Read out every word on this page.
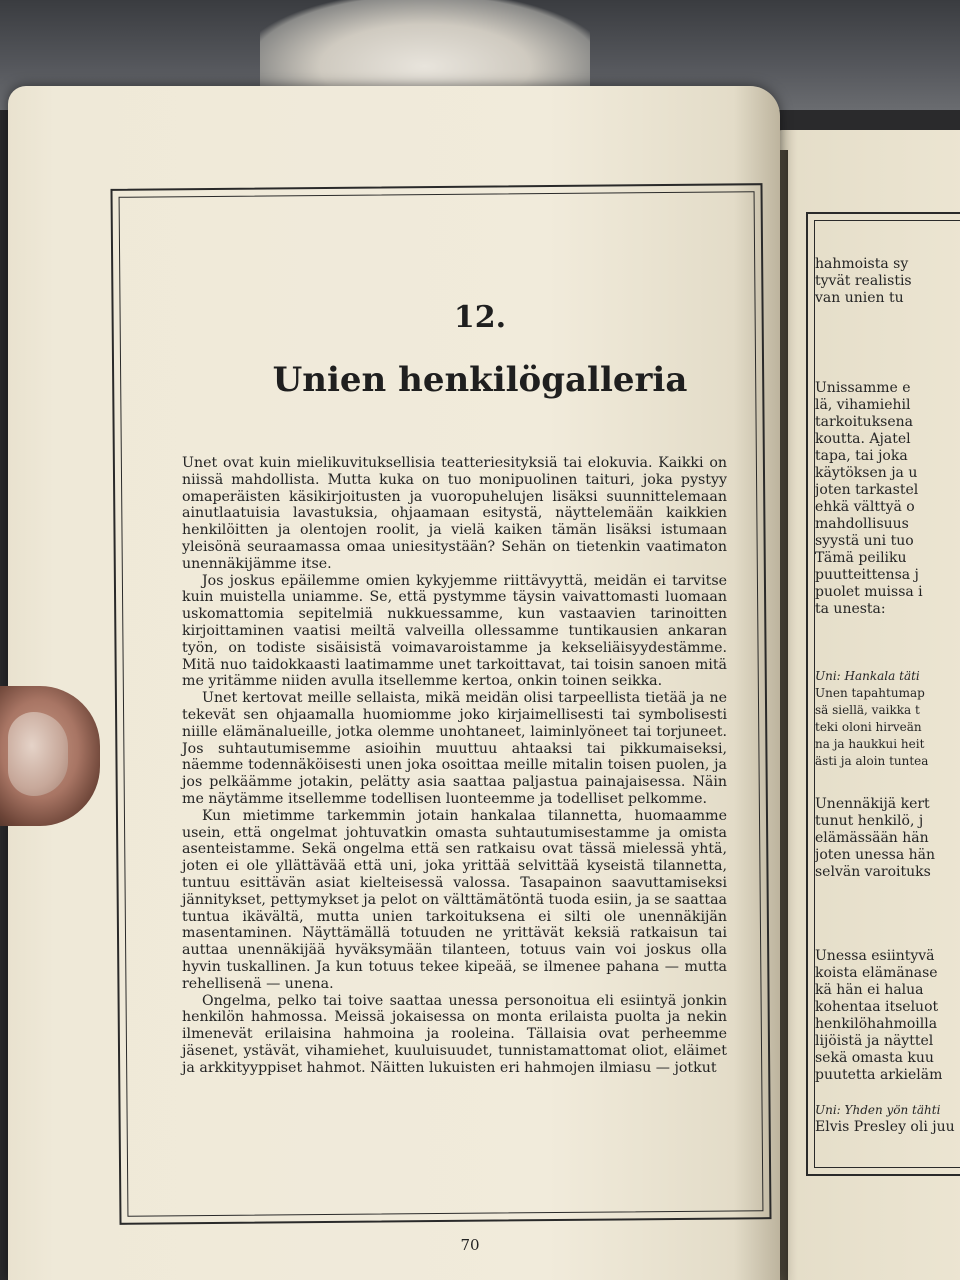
12.
Unien henkilögalleria

Unet ovat kuin mielikuvituksellisia teatteriesityksiä tai elokuvia. Kaikki on niissä mahdollista. Mutta kuka on tuo monipuolinen taituri, joka pystyy omaperäisten käsikirjoitusten ja vuoropuhelujen lisäksi suunnittelemaan ainutlaatuisia lavastuksia, ohjaamaan esitystä, näyttelemään kaikkien henkilöitten ja olentojen roolit, ja vielä kaiken tämän lisäksi istumaan yleisönä seuraamassa omaa uniesitystään? Sehän on tietenkin vaatimaton unennäkijämme itse.

Jos joskus epäilemme omien kykyjemme riittävyyttä, meidän ei tarvitse kuin muistella uniamme. Se, että pystymme täysin vaivattomasti luomaan uskomattomia sepitelmiä nukkuessamme, kun vastaavien tarinoitten kirjoittaminen vaatisi meiltä valveilla ollessamme tuntikausien ankaran työn, on todiste sisäisistä voimavaroistamme ja kekseliäisyydestämme. Mitä nuo taidokkaasti laatimamme unet tarkoittavat, tai toisin sanoen mitä me yritämme niiden avulla itsellemme kertoa, onkin toinen seikka.

Unet kertovat meille sellaista, mikä meidän olisi tarpeellista tietää ja ne tekevät sen ohjaamalla huomiomme joko kirjaimellisesti tai symbolisesti niille elämänalueille, jotka olemme unohtaneet, laiminlyöneet tai torjuneet. Jos suhtautumisemme asioihin muuttuu ahtaaksi tai pikkumaiseksi, näemme todennäköisesti unen joka osoittaa meille mitalin toisen puolen, ja jos pelkäämme jotakin, pelätty asia saattaa paljastua painajaisessa. Näin me näytämme itsellemme todellisen luonteemme ja todelliset pelkomme.

Kun mietimme tarkemmin jotain hankalaa tilannetta, huomaamme usein, että ongelmat johtuvatkin omasta suhtautumisestamme ja omista asenteistamme. Sekä ongelma että sen ratkaisu ovat tässä mielessä yhtä, joten ei ole yllättävää että uni, joka yrittää selvittää kyseistä tilannetta, tuntuu esittävän asiat kielteisessä valossa. Tasapainon saavuttamiseksi jännitykset, pettymykset ja pelot on välttämätöntä tuoda esiin, ja se saattaa tuntua ikävältä, mutta unien tarkoituksena ei silti ole unennäkijän masentaminen. Näyttämällä totuuden ne yrittävät keksiä ratkaisun tai auttaa unennäkijää hyväksymään tilanteen, totuus vain voi joskus olla hyvin tuskallinen. Ja kun totuus tekee kipeää, se ilmenee pahana — mutta rehellisenä — unena.

Ongelma, pelko tai toive saattaa unessa personoitua eli esiintyä jonkin henkilön hahmossa. Meissä jokaisessa on monta erilaista puolta ja nekin ilmenevät erilaisina hahmoina ja rooleina. Tällaisia ovat perheemme jäsenet, ystävät, vihamiehet, kuuluisuudet, tunnistamattomat oliot, eläimet ja arkkityyppiset hahmot. Näitten lukuisten eri hahmojen ilmiasu — jotkut

70
hahmoista sy
tyvät realistis
van unien tu
Unissamme e
lä, vihamiehil
tarkoituksena
koutta. Ajatel
tapa, tai joka
käytöksen ja u
joten tarkastel
ehkä välttyä o
mahdollisuus
syystä uni tuo
Tämä peiliku
puutteittensa j
puolet muissa i
ta unesta:
Uni: Hankala täti
Unen tapahtumap
sä siellä, vaikka t
teki oloni hirveän
na ja haukkui heit
ästi ja aloin tuntea
Unennäkijä kert
tunut henkilö, j
elämässään hän
joten unessa hän
selvän varoituks
Unessa esiintyvä
koista elämänase
kä hän ei halua
kohentaa itseluot
henkilöhahmoilla
lijöistä ja näyttel
sekä omasta kuu
puutetta arkieläm
Uni: Yhden yön tähti
Elvis Presley oli juu
